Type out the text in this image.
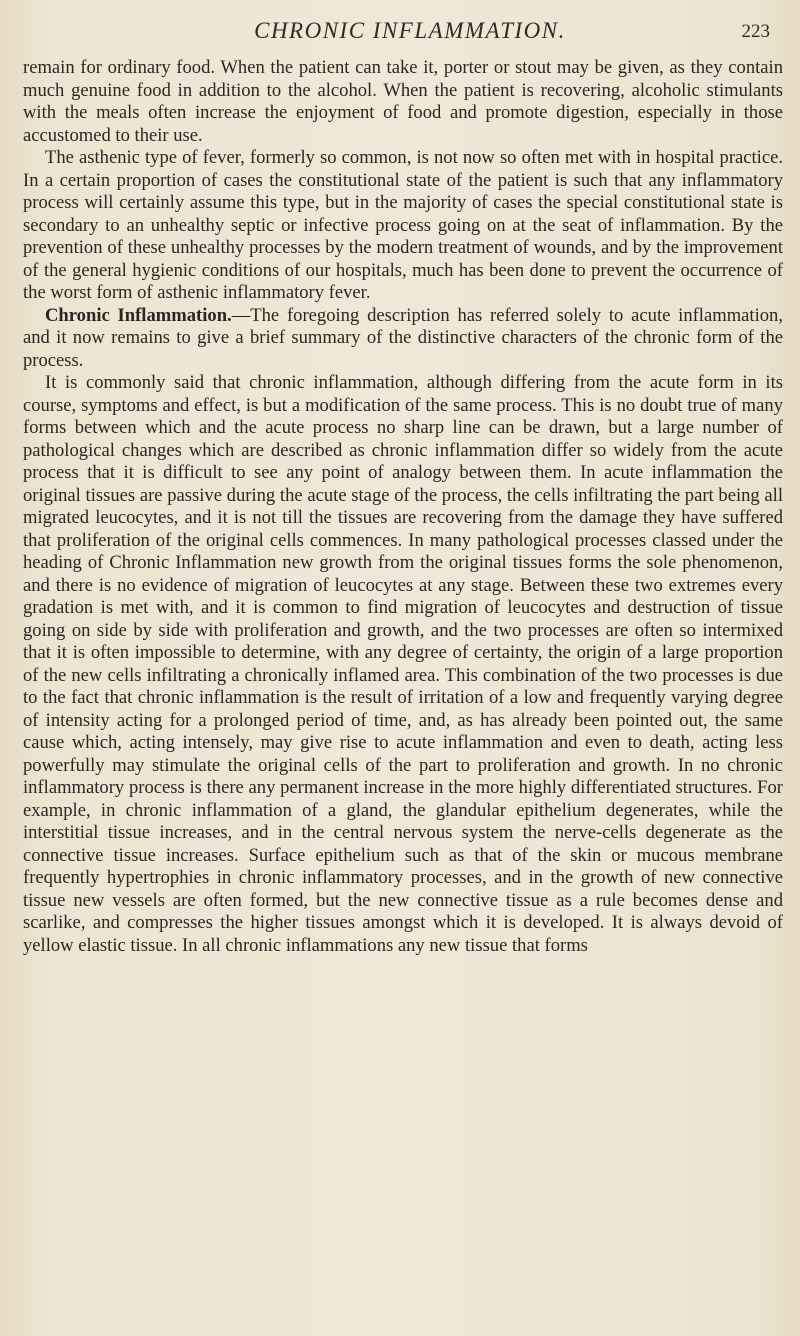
CHRONIC INFLAMMATION.	223

remain for ordinary food. When the patient can take it, porter or stout may be given, as they contain much genuine food in addition to the alcohol. When the patient is recovering, alcoholic stimulants with the meals often increase the enjoyment of food and promote digestion, especially in those accustomed to their use.

The asthenic type of fever, formerly so common, is not now so often met with in hospital practice. In a certain proportion of cases the constitutional state of the patient is such that any inflammatory process will certainly assume this type, but in the majority of cases the special constitutional state is secondary to an unhealthy septic or infective process going on at the seat of inflammation. By the prevention of these unhealthy processes by the modern treatment of wounds, and by the improvement of the general hygienic conditions of our hospitals, much has been done to prevent the occurrence of the worst form of asthenic inflammatory fever.

Chronic Inflammation.—The foregoing description has referred solely to acute inflammation, and it now remains to give a brief summary of the distinctive characters of the chronic form of the process.

It is commonly said that chronic inflammation, although differing from the acute form in its course, symptoms and effect, is but a modification of the same process. This is no doubt true of many forms between which and the acute process no sharp line can be drawn, but a large number of pathological changes which are described as chronic inflammation differ so widely from the acute process that it is difficult to see any point of analogy between them. In acute inflammation the original tissues are passive during the acute stage of the process, the cells infiltrating the part being all migrated leucocytes, and it is not till the tissues are recovering from the damage they have suffered that proliferation of the original cells commences. In many pathological processes classed under the heading of Chronic Inflammation new growth from the original tissues forms the sole phenomenon, and there is no evidence of migration of leucocytes at any stage. Between these two extremes every gradation is met with, and it is common to find migration of leucocytes and destruction of tissue going on side by side with proliferation and growth, and the two processes are often so intermixed that it is often impossible to determine, with any degree of certainty, the origin of a large proportion of the new cells infiltrating a chronically inflamed area. This combination of the two processes is due to the fact that chronic inflammation is the result of irritation of a low and frequently varying degree of intensity acting for a prolonged period of time, and, as has already been pointed out, the same cause which, acting intensely, may give rise to acute inflammation and even to death, acting less powerfully may stimulate the original cells of the part to proliferation and growth. In no chronic inflammatory process is there any permanent increase in the more highly differentiated structures. For example, in chronic inflammation of a gland, the glandular epithelium degenerates, while the interstitial tissue increases, and in the central nervous system the nerve-cells degenerate as the connective tissue increases. Surface epithelium such as that of the skin or mucous membrane frequently hypertrophies in chronic inflammatory processes, and in the growth of new connective tissue new vessels are often formed, but the new connective tissue as a rule becomes dense and scarlike, and compresses the higher tissues amongst which it is developed. It is always devoid of yellow elastic tissue. In all chronic inflammations any new tissue that forms
